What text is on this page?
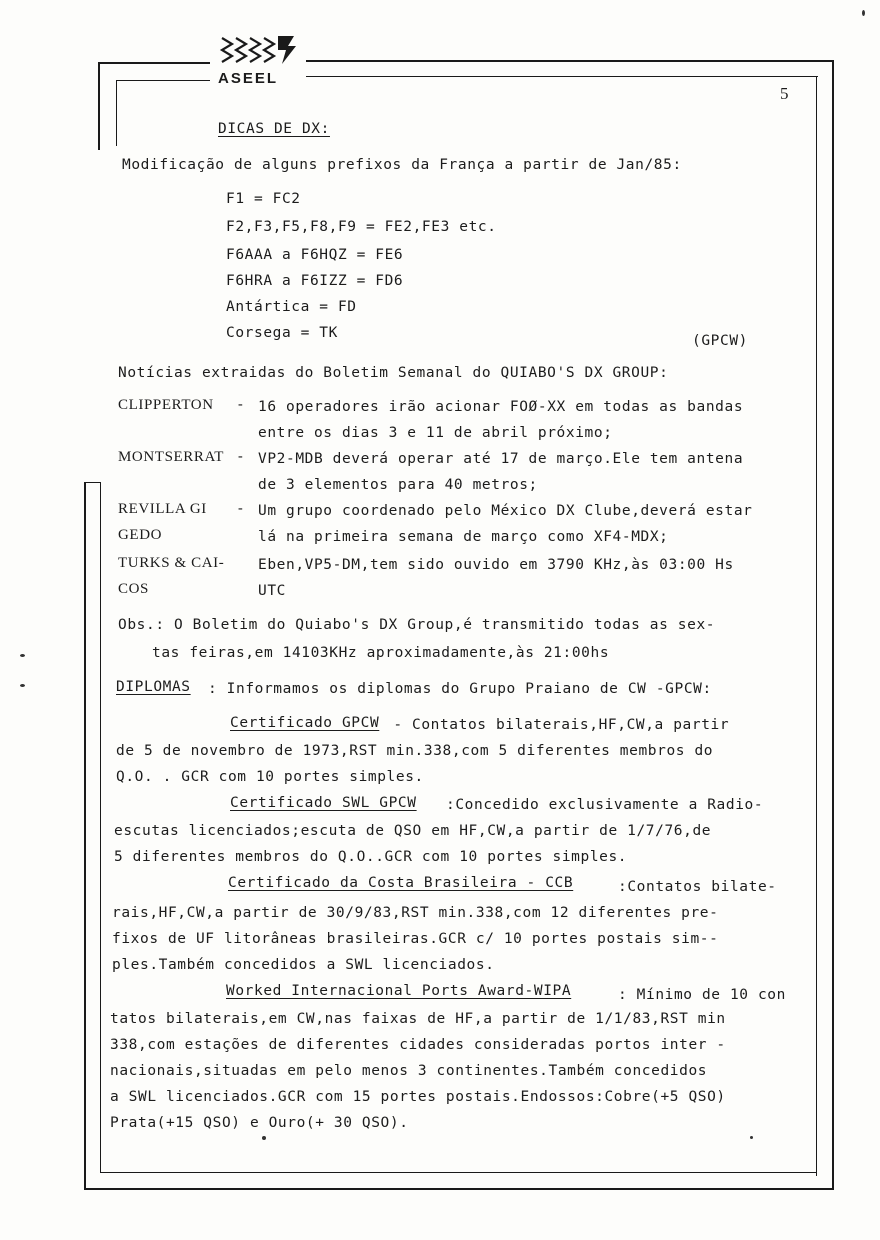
ASEEL
5
DICAS DE DX:
Modificação de alguns prefixos da França a partir de Jan/85:
F1 = FC2
F2,F3,F5,F8,F9 = FE2,FE3 etc.
F6AAA a F6HQZ = FE6
F6HRA a F6IZZ = FD6
Antártica = FD
Corsega = TK	(GPCW)
Notícias extraidas do Boletim Semanal do QUIABO'S DX GROUP:
CLIPPERTON - 16 operadores irão acionar FOØ-XX em todas as bandas
entre os dias 3 e 11 de abril próximo;
MONTSERRAT - VP2-MDB deverá operar até 17 de março.Ele tem antena
de 3 elementos para 40 metros;
REVILLA GI - Um grupo coordenado pelo México DX Clube,deverá estar
GEDO	lá na primeira semana de março como XF4-MDX;
TURKS & CAI- Eben,VP5-DM,tem sido ouvido em 3790 KHz,às 03:00 Hs
COS	UTC
Obs.: O Boletim do Quiabo's DX Group,é transmitido todas as sex-
tas feiras,em 14103KHz aproximadamente,às 21:00hs
DIPLOMAS : Informamos os diplomas do Grupo Praiano de CW -GPCW:
Certificado GPCW - Contatos bilaterais,HF,CW,a partir
de 5 de novembro de 1973,RST min.338,com 5 diferentes membros do
Q.O. . GCR com 10 portes simples.
Certificado SWL GPCW :Concedido exclusivamente a Radio-
escutas licenciados;escuta de QSO em HF,CW,a partir de 1/7/76,de
5 diferentes membros do Q.O..GCR com 10 portes simples.
Certificado da Costa Brasileira - CCB	:Contatos bilate-
rais,HF,CW,a partir de 30/9/83,RST min.338,com 12 diferentes pre-
fixos de UF litorâneas brasileiras.GCR c/ 10 portes postais sim--
ples.Também concedidos a SWL licenciados.
Worked Internacional Ports Award-WIPA	: Mínimo de 10 con
tatos bilaterais,em CW,nas faixas de HF,a partir de 1/1/83,RST min
338,com estações de diferentes cidades consideradas portos inter -
nacionais,situadas em pelo menos 3 continentes.Também concedidos
a SWL licenciados.GCR com 15 portes postais.Endossos:Cobre(+5 QSO)
Prata(+15 QSO) e Ouro(+ 30 QSO).
